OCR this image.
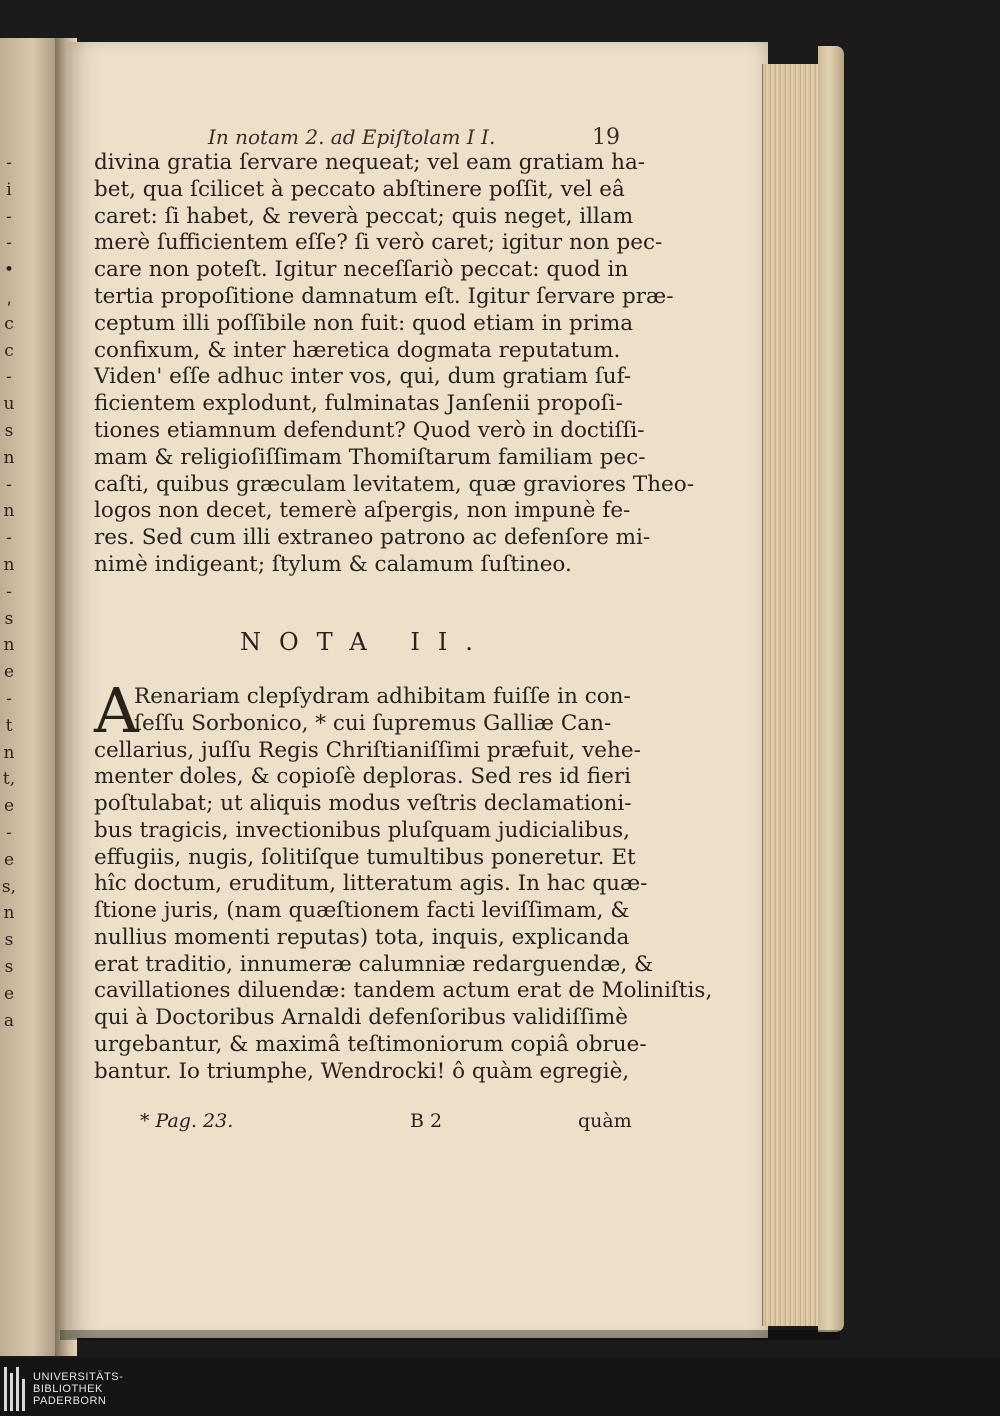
-
i
-
-
•
͵
c
c
-
u
s
n
-
n
-
n
-
s
n
e
-
t
n
t,
e
-
e
s,
n
s
s
e
a
In notam 2. ad Epiſtolam I I.	19
divina gratia ſervare nequeat; vel eam gratiam ha-
bet, qua ſcilicet à peccato abſtinere poſſit, vel eâ
caret: ſi habet, & reverà peccat; quis neget, illam
merè ſufficientem eſſe? ſi verò caret; igitur non pec-
care non poteſt. Igitur neceſſariò peccat: quod in
tertia propoſitione damnatum eſt. Igitur ſervare præ-
ceptum illi poſſibile non fuit: quod etiam in prima
confixum, & inter hæretica dogmata reputatum.
Viden' eſſe adhuc inter vos, qui, dum gratiam ſuf-
ficientem explodunt, fulminatas Janſenii propoſi-
tiones etiamnum defendunt? Quod verò in doctiſſi-
mam & religioſiſſimam Thomiſtarum familiam pec-
caſti, quibus græculam levitatem, quæ graviores Theo-
logos non decet, temerè aſpergis, non impunè fe-
res. Sed cum illi extraneo patrono ac defenſore mi-
nimè indigeant; ſtylum & calamum ſuſtineo.
NOTA II.
A
Renariam clepſydram adhibitam fuiſſe in con-
ſeſſu Sorbonico, * cui ſupremus Galliæ Can-
cellarius, juſſu Regis Chriſtianiſſimi præfuit, vehe-
menter doles, & copioſè deploras. Sed res id fieri
poſtulabat; ut aliquis modus veſtris declamationi-
bus tragicis, invectionibus pluſquam judicialibus,
effugiis, nugis, ſolitiſque tumultibus poneretur. Et
hîc doctum, eruditum, litteratum agis. In hac quæ-
ſtione juris, (nam quæſtionem facti leviſſimam, &
nullius momenti reputas) tota, inquis, explicanda
erat traditio, innumeræ calumniæ redarguendæ, &
cavillationes diluendæ: tandem actum erat de Moliniſtis,
qui à Doctoribus Arnaldi defenſoribus validiſſimè
urgebantur, & maximâ teſtimoniorum copiâ obrue-
bantur. Io triumphe, Wendrocki! ô quàm egregiè,
* Pag. 23.	B 2	quàm
UNIVERSITÄTS-
BIBLIOTHEK
PADERBORN
